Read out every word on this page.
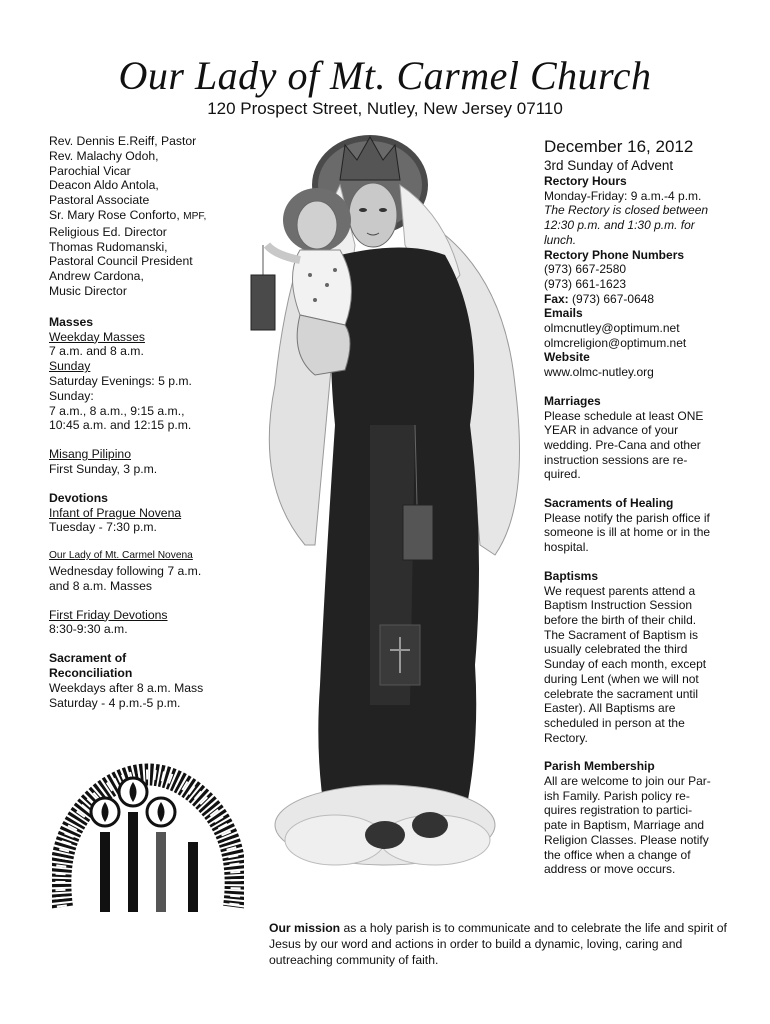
Our Lady of Mt. Carmel Church
120 Prospect Street, Nutley, New Jersey 07110
Rev. Dennis E.Reiff, Pastor
Rev. Malachy Odoh,
Parochial Vicar
Deacon Aldo Antola,
Pastoral Associate
Sr. Mary Rose Conforto, MPF,
Religious Ed. Director
Thomas Rudomanski,
Pastoral Council President
Andrew Cardona,
Music Director
Masses
Weekday Masses
7 a.m. and 8 a.m.
Sunday
Saturday Evenings: 5 p.m.
Sunday:
7 a.m., 8 a.m., 9:15 a.m.,
10:45 a.m. and 12:15 p.m.
Misang Pilipino
First Sunday, 3 p.m.
Devotions
Infant of Prague Novena
Tuesday - 7:30 p.m.
Our Lady of Mt. Carmel Novena
Wednesday following 7 a.m.
and 8 a.m. Masses
First Friday Devotions
8:30-9:30 a.m.
Sacrament of
Reconciliation
Weekdays after 8 a.m. Mass
Saturday - 4 p.m.-5 p.m.
December 16, 2012
3rd Sunday of Advent
Rectory Hours
Monday-Friday: 9 a.m.-4 p.m.
The Rectory is closed between
12:30 p.m. and 1:30 p.m. for
lunch.
Rectory Phone Numbers
(973) 667-2580
(973) 661-1623
Fax: (973) 667-0648
Emails
olmcnutley@optimum.net
olmcreligion@optimum.net
Website
www.olmc-nutley.org
Marriages
Please schedule at least ONE
YEAR in advance of your
wedding. Pre-Cana and other
instruction sessions are re-
quired.
Sacraments of Healing
Please notify the parish office if
someone is ill at home or in the
hospital.
Baptisms
We request parents attend a
Baptism Instruction Session
before the birth of their child.
The Sacrament of Baptism is
usually celebrated the third
Sunday of each month, except
during Lent (when we will not
celebrate the sacrament until
Easter). All Baptisms are
scheduled in person at the
Rectory.
Parish Membership
All are welcome to join our Par-
ish Family. Parish policy re-
quires registration to partici-
pate in Baptism, Marriage and
Religion Classes. Please notify
the office when a change of
address or move occurs.
Our mission as a holy parish is to communicate and to celebrate the life and spirit of Jesus by our word and actions in order to build a dynamic, loving, caring and outreaching community of faith.
